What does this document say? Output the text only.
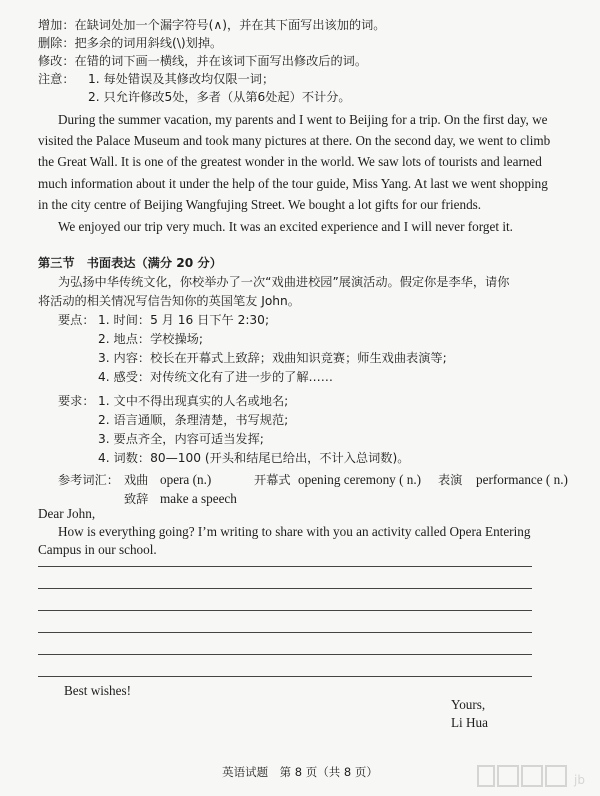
增加：在缺词处加一个漏字符号(∧)，并在其下面写出该加的词。
删除：把多余的词用斜线(\)划掉。
修改：在错的词下画一横线，并在该词下面写出修改后的词。
注意： 1. 每处错误及其修改均仅限一词；
2. 只允许修改5处，多者（从第6处起）不计分。
During the summer vacation, my parents and I went to Beijing for a trip. On the first day, we
visited the Palace Museum and took many pictures at there. On the second day, we went to climb
the Great Wall. It is one of the greatest wonder in the world. We saw lots of tourists and learned
much information about it under the help of the tour guide, Miss Yang. At last we went shopping
in the city centre of Beijing Wangfujing Street. We bought a lot gifts for our friends.
We enjoyed our trip very much. It was an excited experience and I will never forget it.
第三节　书面表达（满分 20 分）
为弘扬中华传统文化，你校举办了一次“戏曲进校园”展演活动。假定你是李华，请你
将活动的相关情况写信告知你的英国笔友 John。
要点： 1. 时间：5 月 16 日下午 2:30;
2. 地点：学校操场;
3. 内容：校长在开幕式上致辞；戏曲知识竞赛；师生戏曲表演等;
4. 感受：对传统文化有了进一步的了解……
要求： 1. 文中不得出现真实的人名或地名;
2. 语言通顺，条理清楚，书写规范;
3. 要点齐全，内容可适当发挥;
4. 词数：80—100 (开头和结尾已给出，不计入总词数)。
参考词汇： 戏曲 opera (n.)	开幕式 opening ceremony ( n.) 表演 performance ( n.)
致辞 make a speech
Dear John,
How is everything going? I’m writing to share with you an activity called Opera Entering
Campus in our school.
Best wishes!
Yours,
Li Hua
英语试题　第 8 页（共 8 页）
jb
